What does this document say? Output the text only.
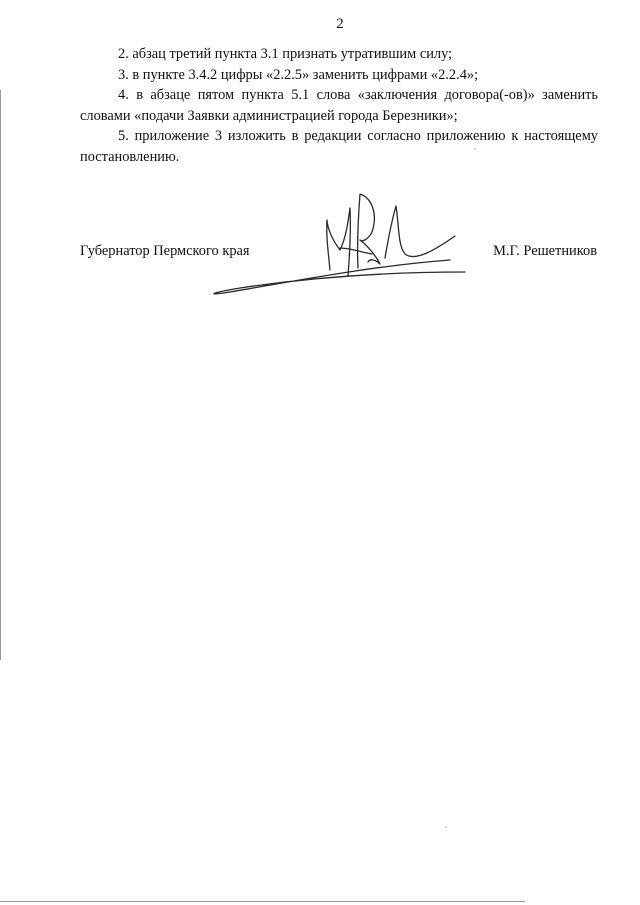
2

2. абзац третий пункта 3.1 признать утратившим силу;

3. в пункте 3.4.2 цифры «2.2.5» заменить цифрами «2.2.4»;

4. в абзаце пятом пункта 5.1 слова «заключения договора(-ов)» заменить словами «подачи Заявки администрацией города Березники»;

5. приложение 3 изложить в редакции согласно приложению к настоящему постановлению.

Губернатор Пермского края	М.Г. Решетников
